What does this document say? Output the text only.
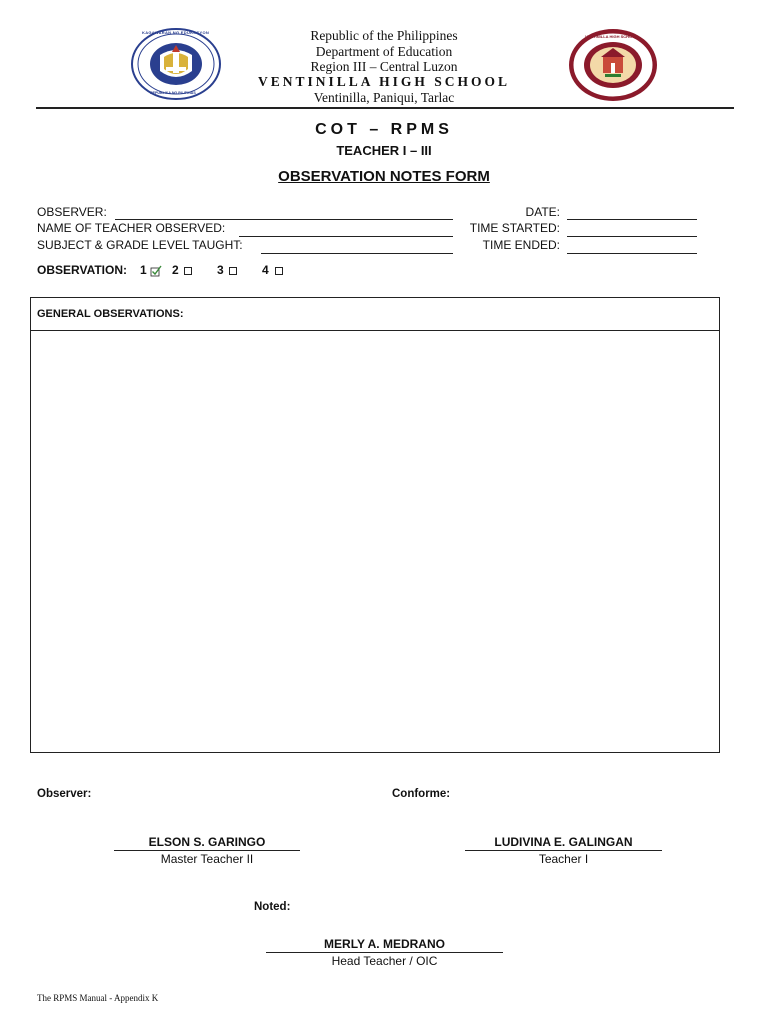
KAGAWARAN NG EDUKASYON
REPUBLIKA NG PILIPINAS
VENTINILLA HIGH SCHOOL
Republic of the Philippines
Department of Education
Region III – Central Luzon
VENTINILLA HIGH SCHOOL
Ventinilla, Paniqui, Tarlac
COT – RPMS
TEACHER I – III
OBSERVATION NOTES FORM
OBSERVER:
NAME OF TEACHER OBSERVED:
SUBJECT & GRADE LEVEL TAUGHT:
DATE:
TIME STARTED:
TIME ENDED:
OBSERVATION: 1 2	3	4
GENERAL OBSERVATIONS:
Observer:	Conforme:
ELSON S. GARINGO
Master Teacher II
LUDIVINA E. GALINGAN
Teacher I
Noted:
MERLY A. MEDRANO
Head Teacher / OIC
The RPMS Manual - Appendix K
